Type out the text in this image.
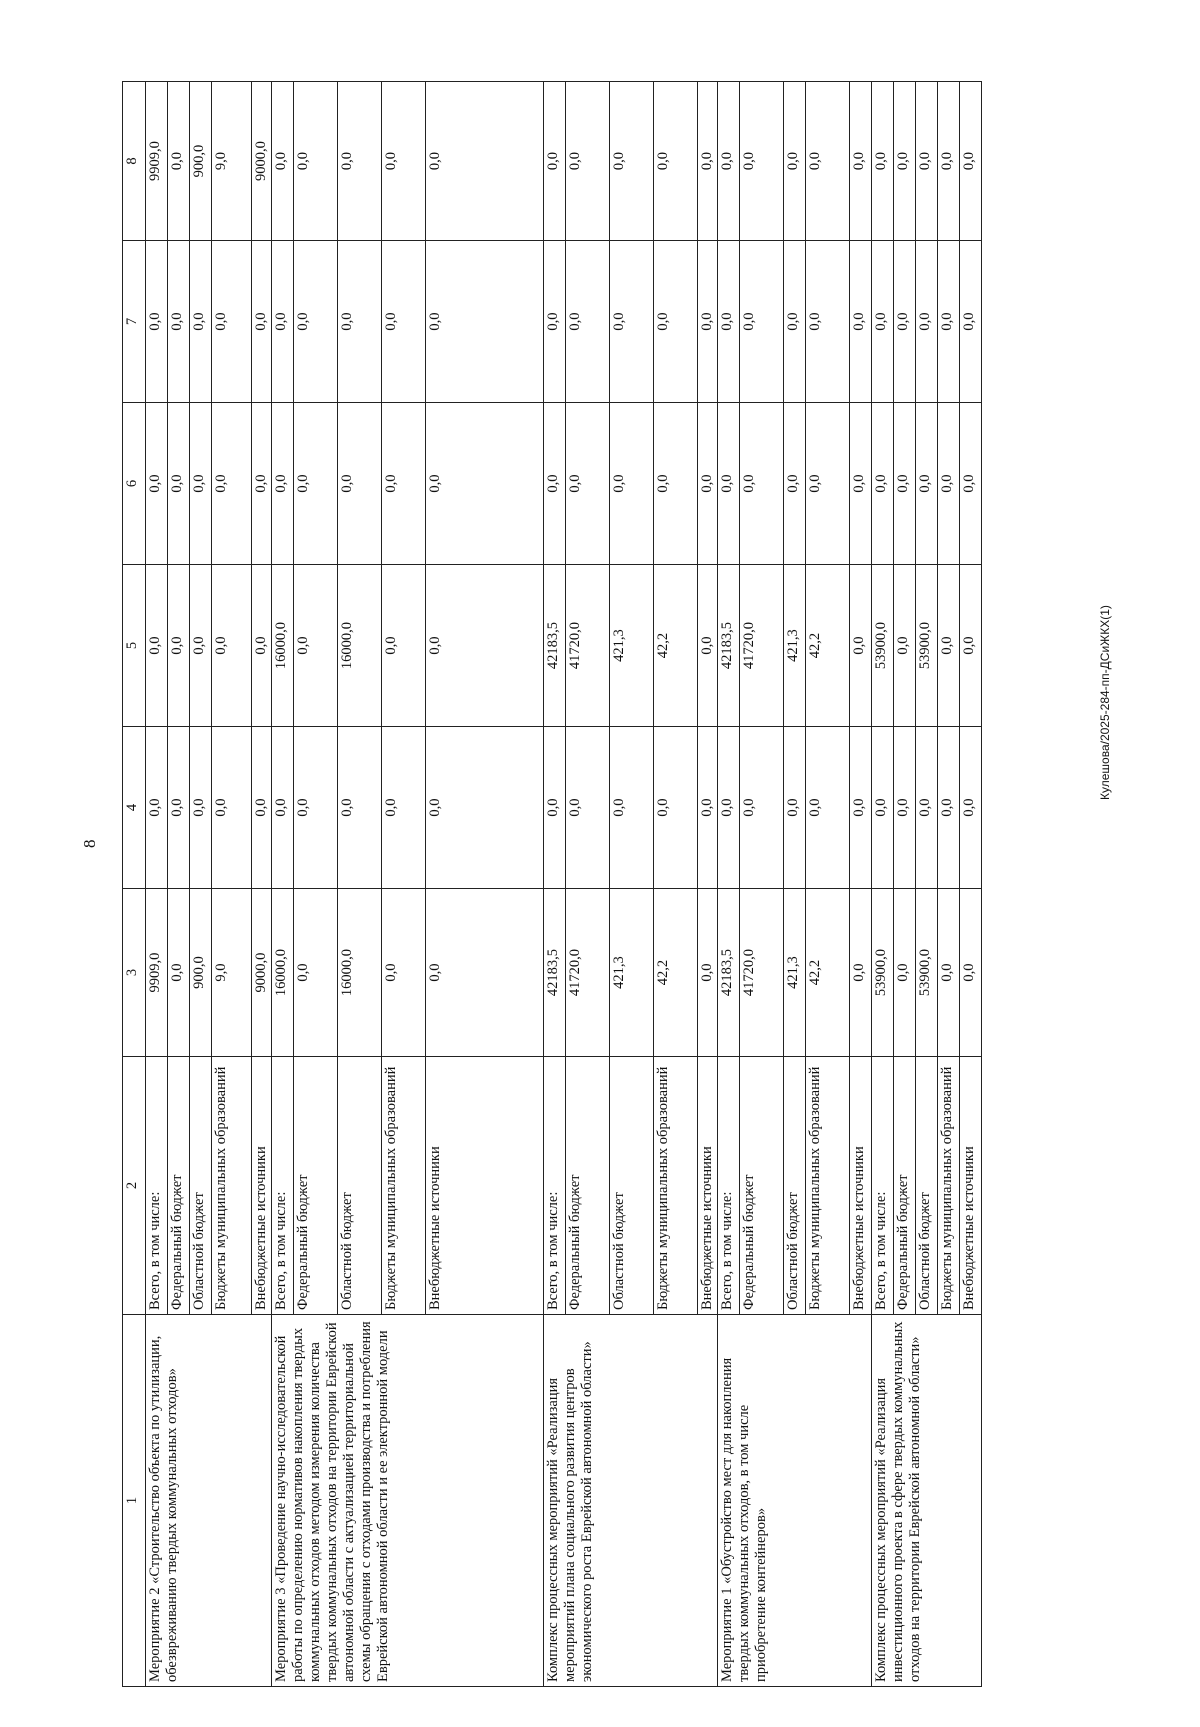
8
1	2	3	4	5	6	7	8
Мероприятие 2 «Строительство объекта по утилизации, обезвреживанию твердых коммунальных отходов»	Всего, в том числе:	9909,0	0,0	0,0	0,0	0,0	9909,0
	Федеральный бюджет	0,0	0,0	0,0	0,0	0,0	0,0
	Областной бюджет	900,0	0,0	0,0	0,0	0,0	900,0
	Бюджеты муниципальных образований	9,0	0,0	0,0	0,0	0,0	9,0
	Внебюджетные источники	9000,0	0,0	0,0	0,0	0,0	9000,0
Мероприятие 3 «Проведение научно-исследовательской работы по определению нормативов накопления твердых коммунальных отходов методом измерения количества твердых коммунальных отходов на территории Еврейской автономной области с актуализацией территориальной схемы обращения с отходами производства и потребления Еврейской автономной области и ее электронной модели	Всего, в том числе:	16000,0	0,0	16000,0	0,0	0,0	0,0
	Федеральный бюджет	0,0	0,0	0,0	0,0	0,0	0,0
	Областной бюджет	16000,0	0,0	16000,0	0,0	0,0	0,0
	Бюджеты муниципальных образований	0,0	0,0	0,0	0,0	0,0	0,0
	Внебюджетные источники	0,0	0,0	0,0	0,0	0,0	0,0
Комплекс процессных мероприятий «Реализация мероприятий плана социального развития центров экономического роста Еврейской автономной области»	Всего, в том числе:	42183,5	0,0	42183,5	0,0	0,0	0,0
	Федеральный бюджет	41720,0	0,0	41720,0	0,0	0,0	0,0
	Областной бюджет	421,3	0,0	421,3	0,0	0,0	0,0
	Бюджеты муниципальных образований	42,2	0,0	42,2	0,0	0,0	0,0
	Внебюджетные источники	0,0	0,0	0,0	0,0	0,0	0,0
Мероприятие 1 «Обустройство мест для накопления твердых коммунальных отходов, в том числе приобретение контейнеров»	Всего, в том числе:	42183,5	0,0	42183,5	0,0	0,0	0,0
	Федеральный бюджет	41720,0	0,0	41720,0	0,0	0,0	0,0
	Областной бюджет	421,3	0,0	421,3	0,0	0,0	0,0
	Бюджеты муниципальных образований	42,2	0,0	42,2	0,0	0,0	0,0
	Внебюджетные источники	0,0	0,0	0,0	0,0	0,0	0,0
Комплекс процессных мероприятий «Реализация инвестиционного проекта в сфере твердых коммунальных отходов на территории Еврейской автономной области»	Всего, в том числе:	53900,0	0,0	53900,0	0,0	0,0	0,0
	Федеральный бюджет	0,0	0,0	0,0	0,0	0,0	0,0
	Областной бюджет	53900,0	0,0	53900,0	0,0	0,0	0,0
	Бюджеты муниципальных образований	0,0	0,0	0,0	0,0	0,0	0,0
	Внебюджетные источники	0,0	0,0	0,0	0,0	0,0	0,0
Кулешова/2025-284-пп-ДСиЖКХ(1)
